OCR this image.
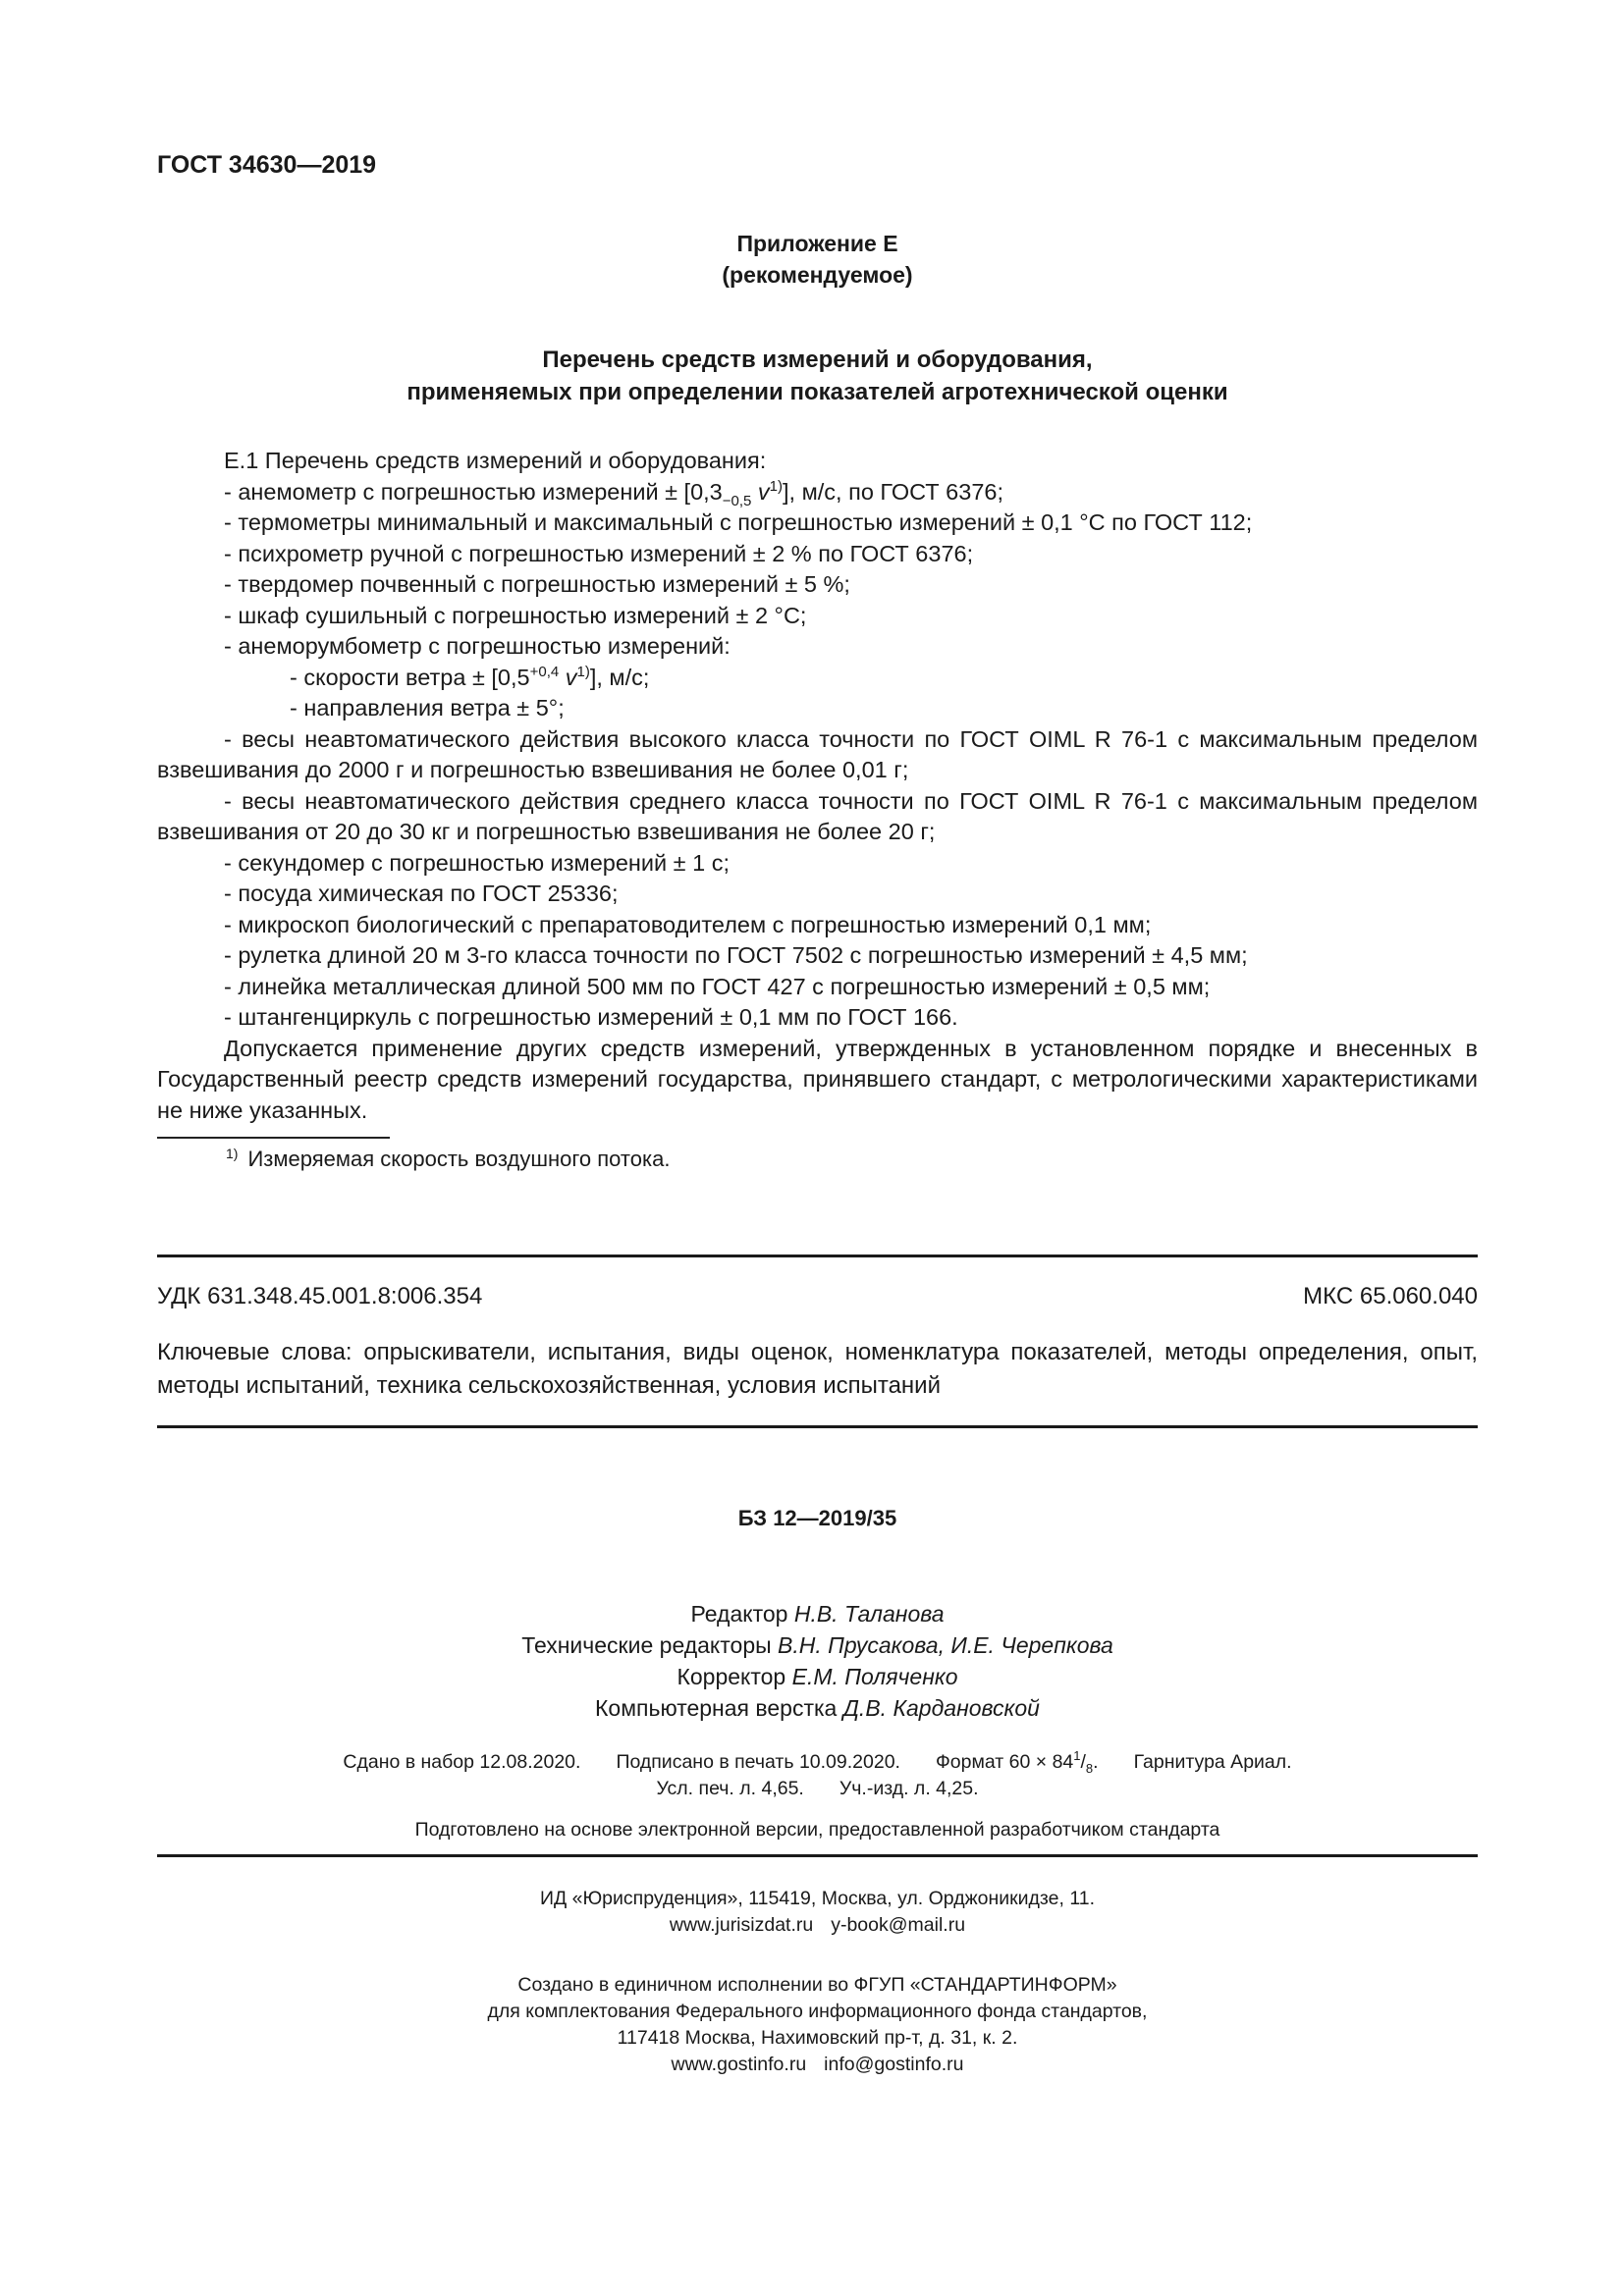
ГОСТ 34630—2019
Приложение Е
(рекомендуемое)
Перечень средств измерений и оборудования,
применяемых при определении показателей агротехнической оценки
Е.1 Перечень средств измерений и оборудования:
- анемометр с погрешностью измерений ± [$0,3_{-0,5}$ $v^{1)}$], м/с, по ГОСТ 6376;
- термометры минимальный и максимальный с погрешностью измерений ± 0,1 °С по ГОСТ 112;
- психрометр ручной с погрешностью измерений ± 2 % по ГОСТ 6376;
- твердомер почвенный с погрешностью измерений ± 5 %;
- шкаф сушильный с погрешностью измерений ± 2 °С;
- анеморумбометр с погрешностью измерений:
- скорости ветра ± [$0,5^{+0,4}$ $v^{1)}$], м/с;
- направления ветра ± 5°;
- весы неавтоматического действия высокого класса точности по ГОСТ OIML R 76-1 с максимальным пределом взвешивания до 2000 г и погрешностью взвешивания не более 0,01 г;
- весы неавтоматического действия среднего класса точности по ГОСТ OIML R 76-1 с максимальным пределом взвешивания от 20 до 30 кг и погрешностью взвешивания не более 20 г;
- секундомер с погрешностью измерений ± 1 с;
- посуда химическая по ГОСТ 25336;
- микроскоп биологический с препаратоводителем с погрешностью измерений 0,1 мм;
- рулетка длиной 20 м 3-го класса точности по ГОСТ 7502 с погрешностью измерений ± 4,5 мм;
- линейка металлическая длиной 500 мм по ГОСТ 427 с погрешностью измерений ± 0,5 мм;
- штангенциркуль с погрешностью измерений ± 0,1 мм по ГОСТ 166.
Допускается применение других средств измерений, утвержденных в установленном порядке и внесенных в Государственный реестр средств измерений государства, принявшего стандарт, с метрологическими характеристиками не ниже указанных.
$^{1)}$ Измеряемая скорость воздушного потока.
УДК 631.348.45.001.8:006.354	МКС 65.060.040
Ключевые слова: опрыскиватели, испытания, виды оценок, номенклатура показателей, методы определения, опыт, методы испытаний, техника сельскохозяйственная, условия испытаний
БЗ 12—2019/35
Редактор Н.В. Таланова
Технические редакторы В.Н. Прусакова, И.Е. Черепкова
Корректор Е.М. Поляченко
Компьютерная верстка Д.В. Кардановской
Сдано в набор 12.08.2020. Подписано в печать 10.09.2020. Формат $60 \times 84^1/_8$. Гарнитура Ариал.
Усл. печ. л. 4,65. Уч.-изд. л. 4,25.
Подготовлено на основе электронной версии, предоставленной разработчиком стандарта
ИД «Юриспруденция», 115419, Москва, ул. Орджоникидзе, 11.
www.jurisizdat.ru y-book@mail.ru
Создано в единичном исполнении во ФГУП «СТАНДАРТИНФОРМ»
для комплектования Федерального информационного фонда стандартов,
117418 Москва, Нахимовский пр-т, д. 31, к. 2.
www.gostinfo.ru info@gostinfo.ru
